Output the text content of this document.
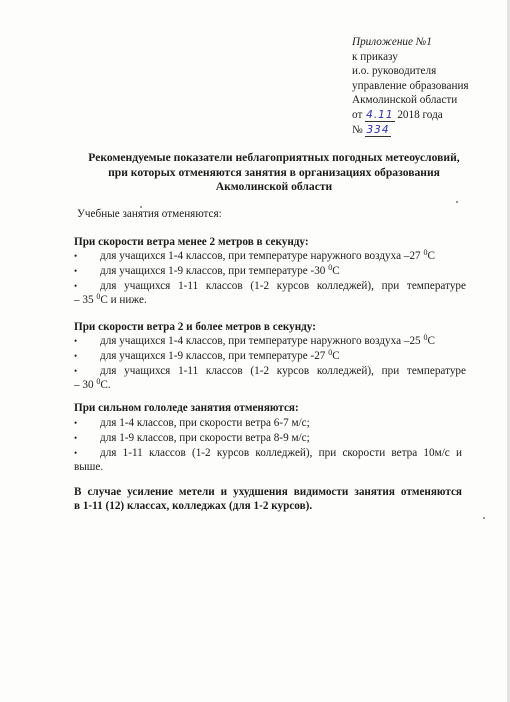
Приложение №1
к приказу
и.о. руководителя
управление образования
Акмолинской области
от 4.11 2018 года
№ 334
Рекомендуемые показатели неблагоприятных погодных метеоусловий,
при которых отменяются занятия в организациях образования
Акмолинской области
Учебные занятия отменяются:
При скорости ветра менее 2 метров в секунду:
• для учащихся 1-4 классов, при температуре наружного воздуха –27 $^0$С
• для учащихся 1-9 классов, при температуре -30 $^0$С
• для учащихся 1-11 классов (1-2 курсов колледжей), при температуре
– 35 $^0$С и ниже.
При скорости ветра 2 и более метров в секунду:
• для учащихся 1-4 классов, при температуре наружного воздуха –25 $^0$С
• для учащихся 1-9 классов, при температуре -27 $^0$С
• для учащихся 1-11 классов (1-2 курсов колледжей), при температуре
– 30 $^0$С.
При сильном гололеде занятия отменяются:
• для 1-4 классов, при скорости ветра 6-7 м/с;
• для 1-9 классов, при скорости ветра 8-9 м/с;
• для 1-11 классов (1-2 курсов колледжей), при скорости ветра 10м/с и
выше.
В случае усиление метели и ухудшения видимости занятия отменяются
в 1-11 (12) классах, колледжах (для 1-2 курсов).
